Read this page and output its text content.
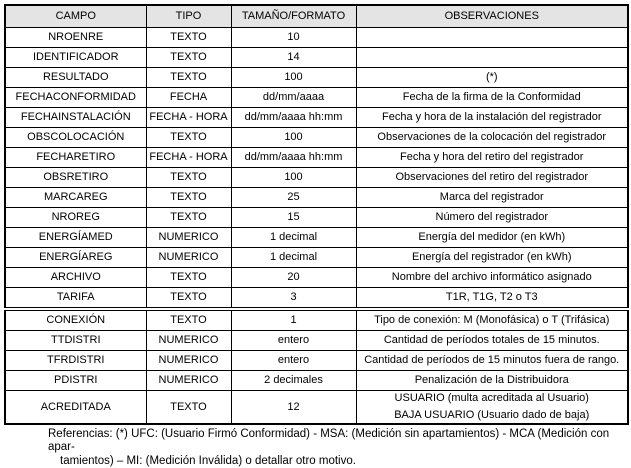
CAMPO	TIPO	TAMAÑO/FORMATO	OBSERVACIONES
NROENRE	TEXTO	10	

IDENTIFICADOR	TEXTO	14	

RESULTADO	TEXTO	100	(*)

FECHACONFORMIDAD	FECHA	dd/mm/aaaa	Fecha de la firma de la Conformidad

FECHAINSTALACIÓN	FECHA - HORA	dd/mm/aaaa hh:mm	Fecha y hora de la instalación del registrador

OBSCOLOCACIÓN	TEXTO	100	Observaciones de la colocación del registrador

FECHARETIRO	FECHA - HORA	dd/mm/aaaa hh:mm	Fecha y hora del retiro del registrador

OBSRETIRO	TEXTO	100	Observaciones del retiro del registrador

MARCAREG	TEXTO	25	Marca del registrador

NROREG	TEXTO	15	Número del registrador

ENERGÍAMED	NUMERICO	1 decimal	Energía del medidor (en kWh)

ENERGÍAREG	NUMERICO	1 decimal	Energía del registrador (en kWh)

ARCHIVO	TEXTO	20	Nombre del archivo informático asignado

TARIFA	TEXTO	3	T1R, T1G, T2 o T3

CONEXIÓN	TEXTO	1	Tipo de conexión: M (Monofásica) o T (Trifásica)

TTDISTRI	NUMERICO	entero	Cantidad de períodos totales de 15 minutos.

TFRDISTRI	NUMERICO	entero	Cantidad de períodos de 15 minutos fuera de rango.

PDISTRI	NUMERICO	2 decimales	Penalización de la Distribuidora

ACREDITADA	TEXTO	12	USUARIO (multa acreditada al Usuario)
BAJA USUARIO (Usuario dado de baja)
Referencias: (*) UFC: (Usuario Firmó Conformidad) - MSA: (Medición sin apartamientos) - MCA (Medición con apar-
tamientos) – MI: (Medición Inválida) o detallar otro motivo.
